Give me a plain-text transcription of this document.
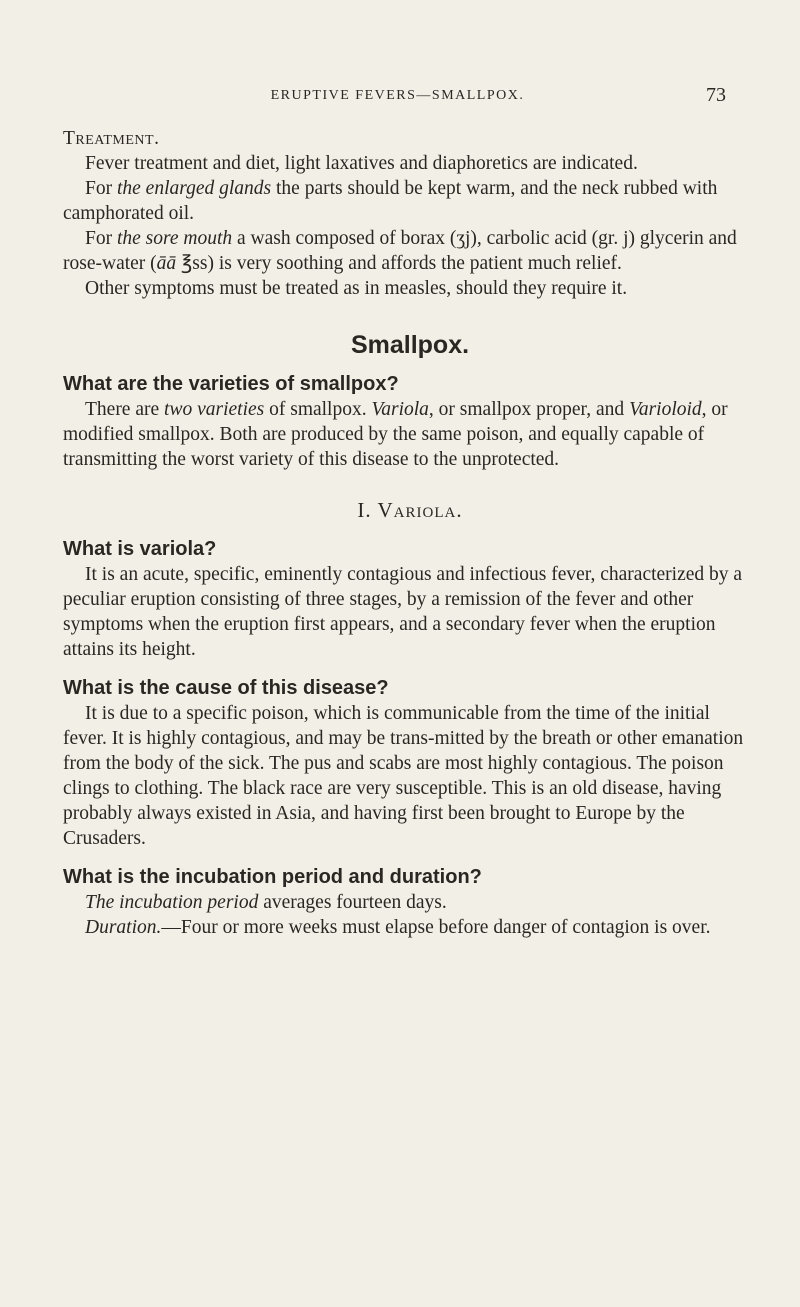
ERUPTIVE FEVERS—SMALLPOX.	73

Treatment.

Fever treatment and diet, light laxatives and diaphoretics are indicated.

For the enlarged glands the parts should be kept warm, and the neck rubbed with camphorated oil.

For the sore mouth a wash composed of borax (ʒj), carbolic acid (gr. j) glycerin and rose-water (āā ℥ss) is very soothing and affords the patient much relief.

Other symptoms must be treated as in measles, should they require it.

Smallpox.

What are the varieties of smallpox?

There are two varieties of smallpox. Variola, or smallpox proper, and Varioloid, or modified smallpox. Both are produced by the same poison, and equally capable of transmitting the worst variety of this disease to the unprotected.

I. Variola.

What is variola?

It is an acute, specific, eminently contagious and infectious fever, characterized by a peculiar eruption consisting of three stages, by a remission of the fever and other symptoms when the eruption first appears, and a secondary fever when the eruption attains its height.

What is the cause of this disease?

It is due to a specific poison, which is communicable from the time of the initial fever. It is highly contagious, and may be trans-mitted by the breath or other emanation from the body of the sick. The pus and scabs are most highly contagious. The poison clings to clothing. The black race are very susceptible. This is an old disease, having probably always existed in Asia, and having first been brought to Europe by the Crusaders.

What is the incubation period and duration?

The incubation period averages fourteen days.

Duration.—Four or more weeks must elapse before danger of contagion is over.
